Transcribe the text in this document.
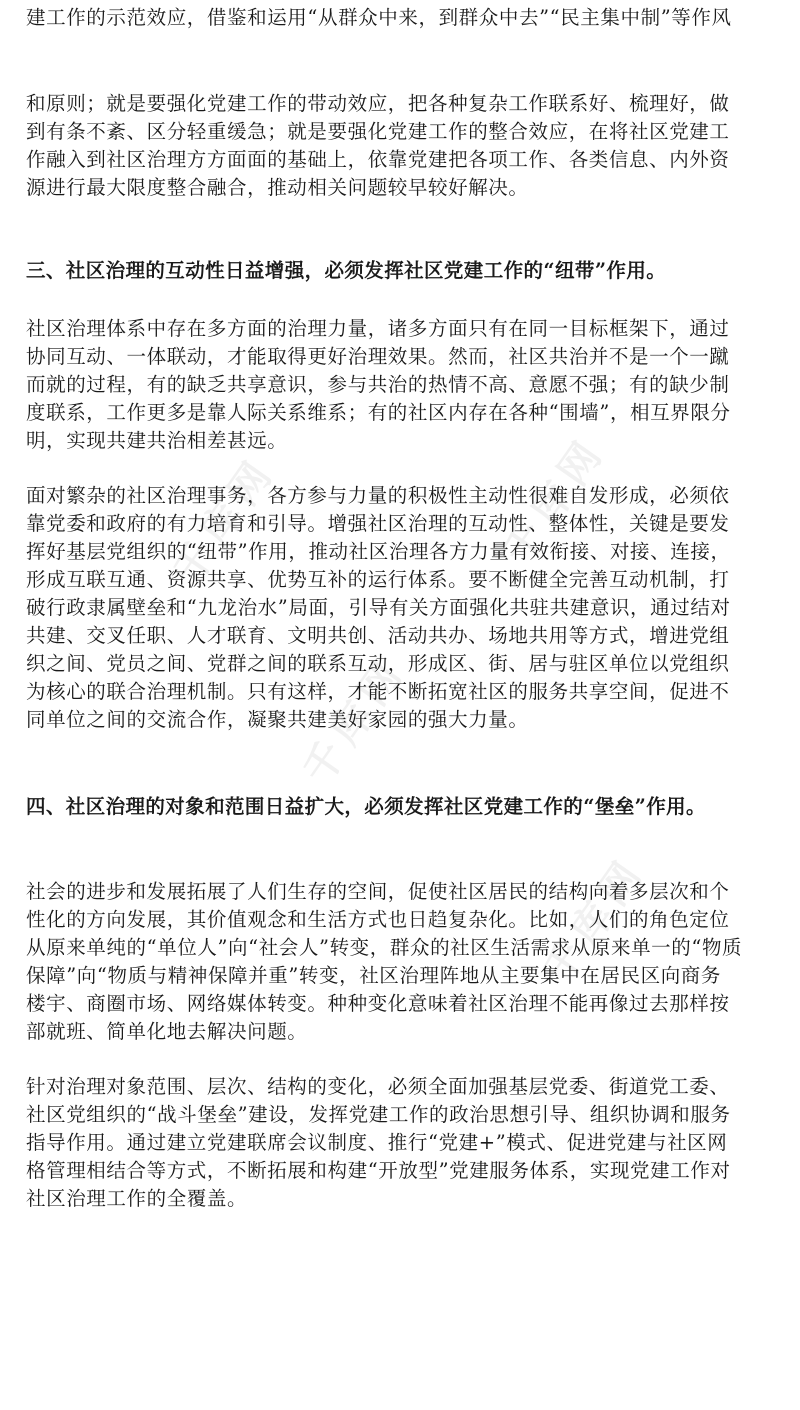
千库网	千库网
千库网
千库网
建工作的示范效应，借鉴和运用“从群众中来，到群众中去”“民主集中制”等作风
和原则；就是要强化党建工作的带动效应，把各种复杂工作联系好、梳理好，做
到有条不紊、区分轻重缓急；就是要强化党建工作的整合效应，在将社区党建工
作融入到社区治理方方面面的基础上，依靠党建把各项工作、各类信息、内外资
源进行最大限度整合融合，推动相关问题较早较好解决。
三、社区治理的互动性日益增强，必须发挥社区党建工作的“纽带”作用。
社区治理体系中存在多方面的治理力量，诸多方面只有在同一目标框架下，通过
协同互动、一体联动，才能取得更好治理效果。然而，社区共治并不是一个一蹴
而就的过程，有的缺乏共享意识，参与共治的热情不高、意愿不强；有的缺少制
度联系，工作更多是靠人际关系维系；有的社区内存在各种“围墙”，相互界限分
明，实现共建共治相差甚远。
面对繁杂的社区治理事务，各方参与力量的积极性主动性很难自发形成，必须依
靠党委和政府的有力培育和引导。增强社区治理的互动性、整体性，关键是要发
挥好基层党组织的“纽带”作用，推动社区治理各方力量有效衔接、对接、连接，
形成互联互通、资源共享、优势互补的运行体系。要不断健全完善互动机制，打
破行政隶属壁垒和“九龙治水”局面，引导有关方面强化共驻共建意识，通过结对
共建、交叉任职、人才联育、文明共创、活动共办、场地共用等方式，增进党组
织之间、党员之间、党群之间的联系互动，形成区、街、居与驻区单位以党组织
为核心的联合治理机制。只有这样，才能不断拓宽社区的服务共享空间，促进不
同单位之间的交流合作，凝聚共建美好家园的强大力量。
四、社区治理的对象和范围日益扩大，必须发挥社区党建工作的“堡垒”作用。
社会的进步和发展拓展了人们生存的空间，促使社区居民的结构向着多层次和个
性化的方向发展，其价值观念和生活方式也日趋复杂化。比如，人们的角色定位
从原来单纯的“单位人”向“社会人”转变，群众的社区生活需求从原来单一的“物质
保障”向“物质与精神保障并重”转变，社区治理阵地从主要集中在居民区向商务
楼宇、商圈市场、网络媒体转变。种种变化意味着社区治理不能再像过去那样按
部就班、简单化地去解决问题。
针对治理对象范围、层次、结构的变化，必须全面加强基层党委、街道党工委、
社区党组织的“战斗堡垒”建设，发挥党建工作的政治思想引导、组织协调和服务
指导作用。通过建立党建联席会议制度、推行“党建+”模式、促进党建与社区网
格管理相结合等方式，不断拓展和构建“开放型”党建服务体系，实现党建工作对
社区治理工作的全覆盖。
